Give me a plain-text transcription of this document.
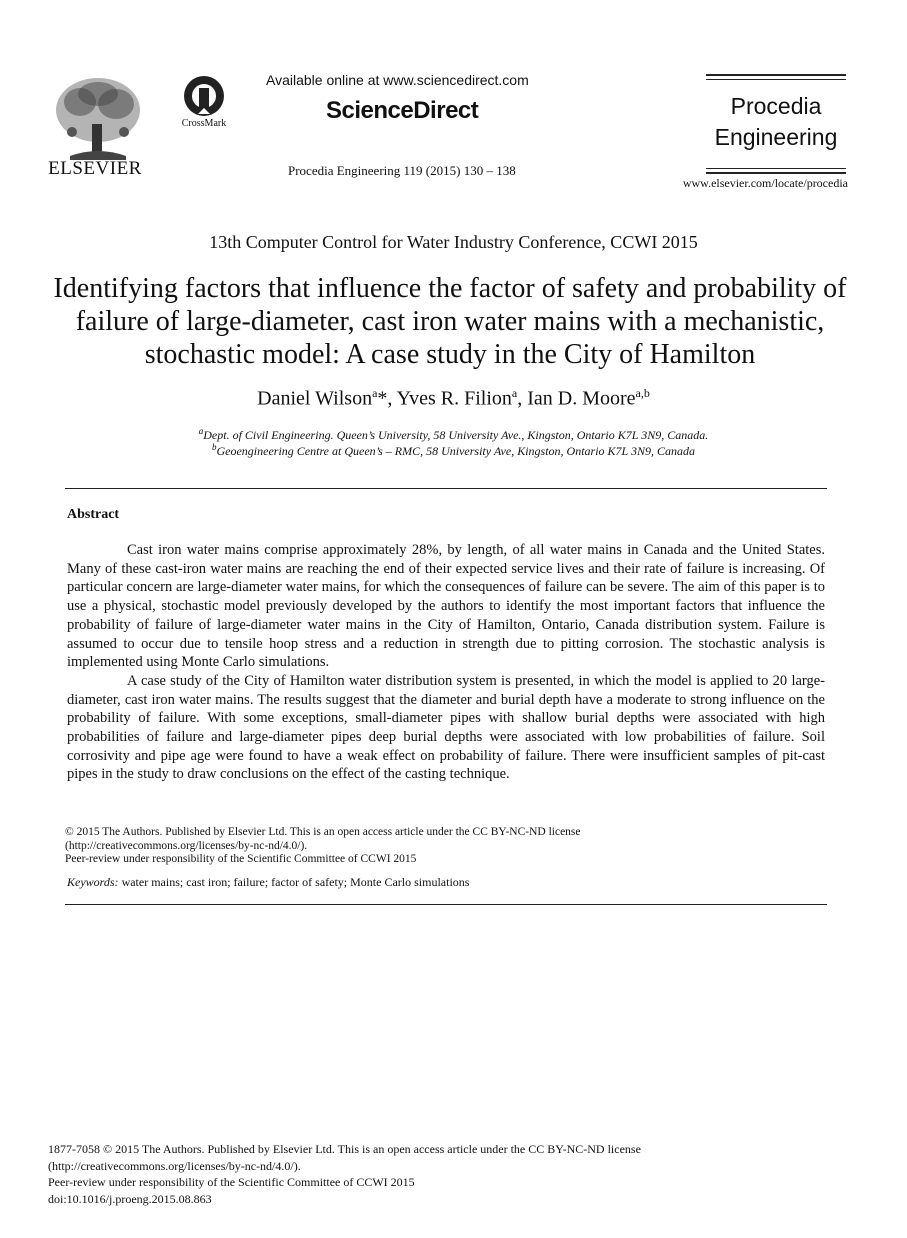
ELSEVIER
CrossMark
Available online at www.sciencedirect.com
ScienceDirect
Procedia Engineering 119 (2015) 130 – 138
Procedia
Engineering
www.elsevier.com/locate/procedia
13th Computer Control for Water Industry Conference, CCWI 2015
Identifying factors that influence the factor of safety and probability of failure of large-diameter, cast iron water mains with a mechanistic, stochastic model: A case study in the City of Hamilton
Daniel Wilson$^a$*, Yves R. Filion$^a$, Ian D. Moore$^{a,b}$
$^a$Dept. of Civil Engineering. Queen’s University, 58 University Ave., Kingston, Ontario K7L 3N9, Canada.
$^b$Geoengineering Centre at Queen’s – RMC, 58 University Ave, Kingston, Ontario K7L 3N9, Canada
Abstract

Cast iron water mains comprise approximately 28%, by length, of all water mains in Canada and the United States. Many of these cast-iron water mains are reaching the end of their expected service lives and their rate of failure is increasing. Of particular concern are large-diameter water mains, for which the consequences of failure can be severe. The aim of this paper is to use a physical, stochastic model previously developed by the authors to identify the most important factors that influence the probability of failure of large-diameter water mains in the City of Hamilton, Ontario, Canada distribution system. Failure is assumed to occur due to tensile hoop stress and a reduction in strength due to pitting corrosion. The stochastic analysis is implemented using Monte Carlo simulations.

A case study of the City of Hamilton water distribution system is presented, in which the model is applied to 20 large-diameter, cast iron water mains. The results suggest that the diameter and burial depth have a moderate to strong influence on the probability of failure. With some exceptions, small-diameter pipes with shallow burial depths were associated with high probabilities of failure and large-diameter pipes deep burial depths were associated with low probabilities of failure. Soil corrosivity and pipe age were found to have a weak effect on probability of failure. There were insufficient samples of pit-cast pipes in the study to draw conclusions on the effect of the casting technique.

© 2015 The Authors. Published by Elsevier Ltd. This is an open access article under the CC BY-NC-ND license
(http://creativecommons.org/licenses/by-nc-nd/4.0/).
Peer-review under responsibility of the Scientific Committee of CCWI 2015
Keywords: water mains; cast iron; failure; factor of safety; Monte Carlo simulations
1877-7058 © 2015 The Authors. Published by Elsevier Ltd. This is an open access article under the CC BY-NC-ND license
(http://creativecommons.org/licenses/by-nc-nd/4.0/).
Peer-review under responsibility of the Scientific Committee of CCWI 2015
doi:10.1016/j.proeng.2015.08.863
